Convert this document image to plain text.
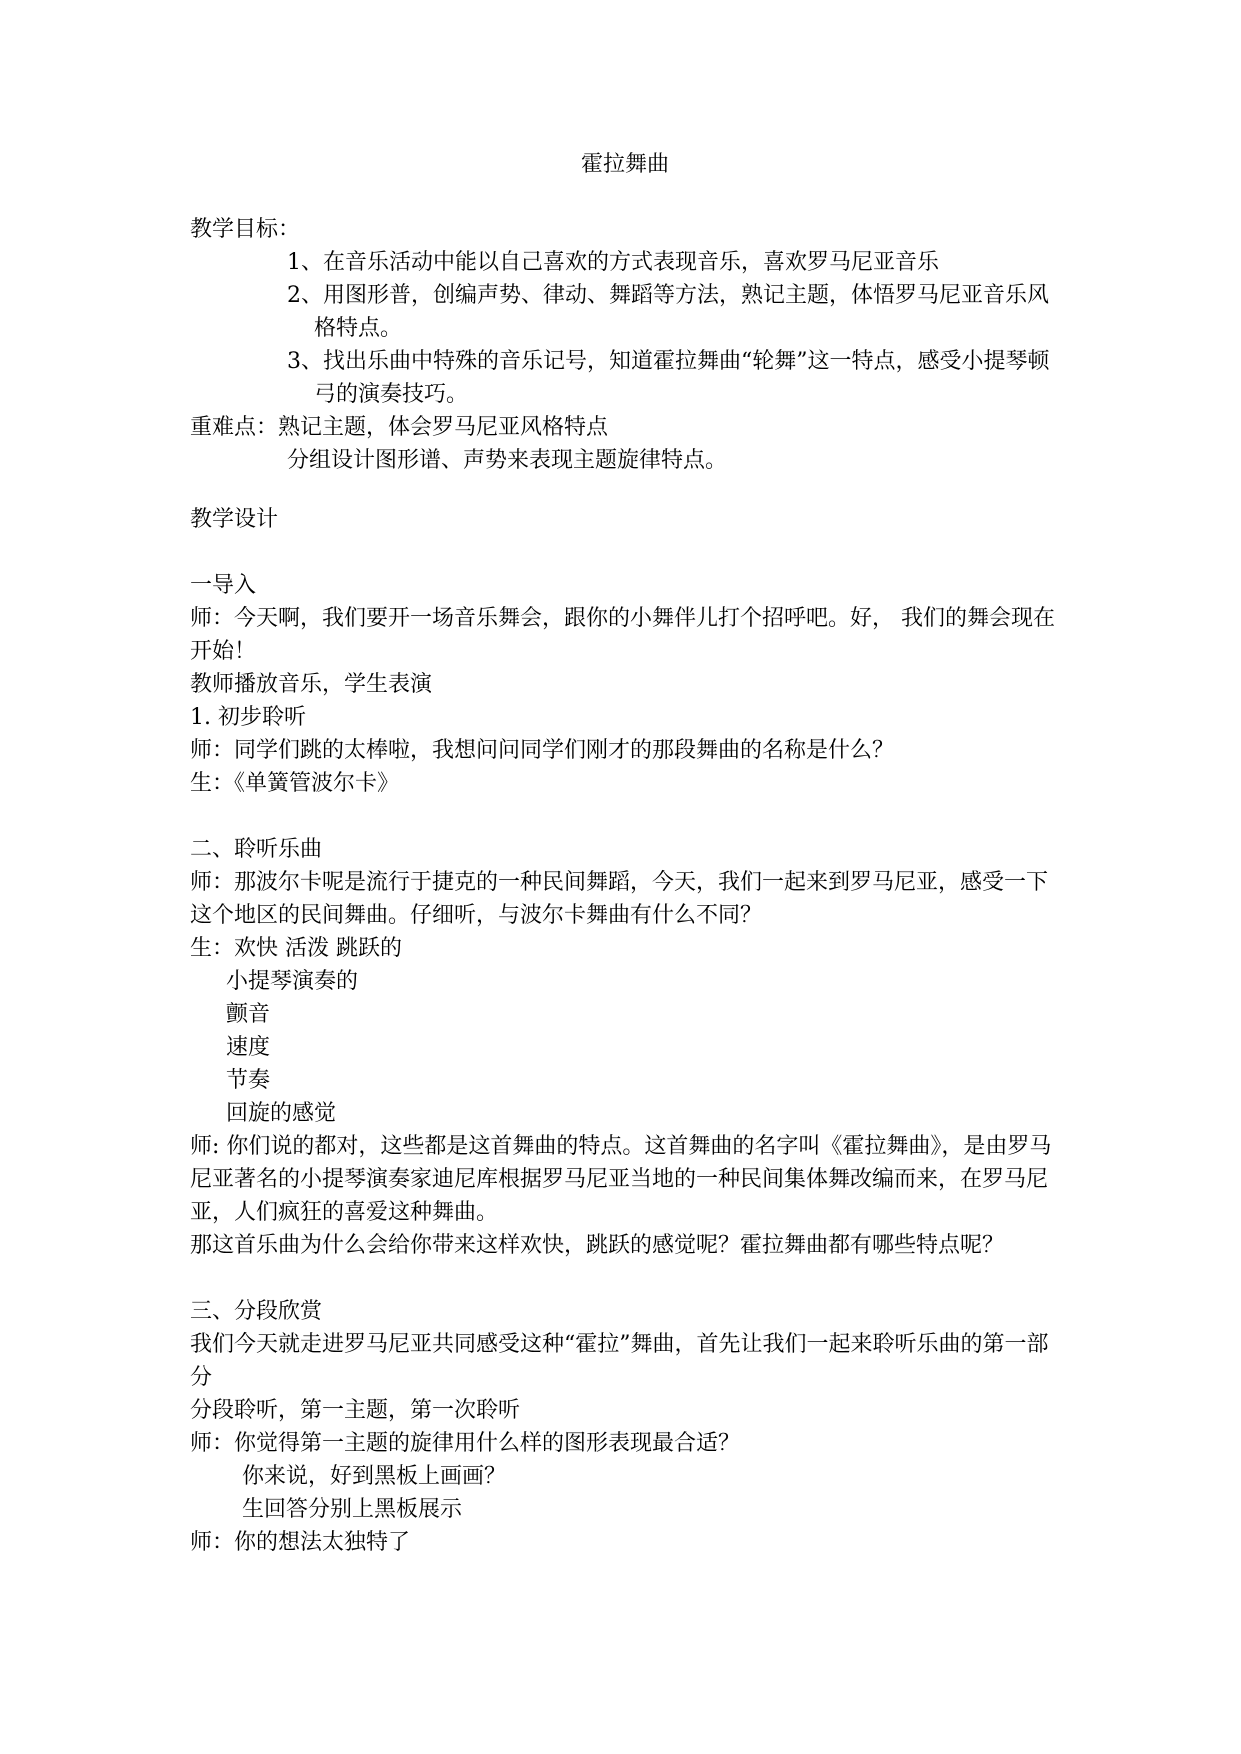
霍拉舞曲

教学目标：

1、在音乐活动中能以自己喜欢的方式表现音乐，喜欢罗马尼亚音乐

2、用图形普，创编声势、律动、舞蹈等方法，熟记主题，体悟罗马尼亚音乐风格特点。

3、找出乐曲中特殊的音乐记号，知道霍拉舞曲“轮舞”这一特点，感受小提琴顿弓的演奏技巧。

重难点：熟记主题，体会罗马尼亚风格特点

分组设计图形谱、声势来表现主题旋律特点。

教学设计

一导入

师：今天啊，我们要开一场音乐舞会，跟你的小舞伴儿打个招呼吧。好， 我们的舞会现在开始！

教师播放音乐，学生表演

1. 初步聆听

师：同学们跳的太棒啦，我想问问同学们刚才的那段舞曲的名称是什么？

生：《单簧管波尔卡》

二、聆听乐曲

师：那波尔卡呢是流行于捷克的一种民间舞蹈，今天，我们一起来到罗马尼亚，感受一下这个地区的民间舞曲。仔细听，与波尔卡舞曲有什么不同？

生：欢快 活泼 跳跃的

小提琴演奏的

颤音

速度

节奏

回旋的感觉

师: 你们说的都对，这些都是这首舞曲的特点。这首舞曲的名字叫《霍拉舞曲》，是由罗马尼亚著名的小提琴演奏家迪尼库根据罗马尼亚当地的一种民间集体舞改编而来，在罗马尼亚，人们疯狂的喜爱这种舞曲。

那这首乐曲为什么会给你带来这样欢快，跳跃的感觉呢？霍拉舞曲都有哪些特点呢？

三、分段欣赏

我们今天就走进罗马尼亚共同感受这种“霍拉”舞曲，首先让我们一起来聆听乐曲的第一部分

分段聆听，第一主题，第一次聆听

师：你觉得第一主题的旋律用什么样的图形表现最合适？

你来说，好到黑板上画画？

生回答分别上黑板展示

师：你的想法太独特了
